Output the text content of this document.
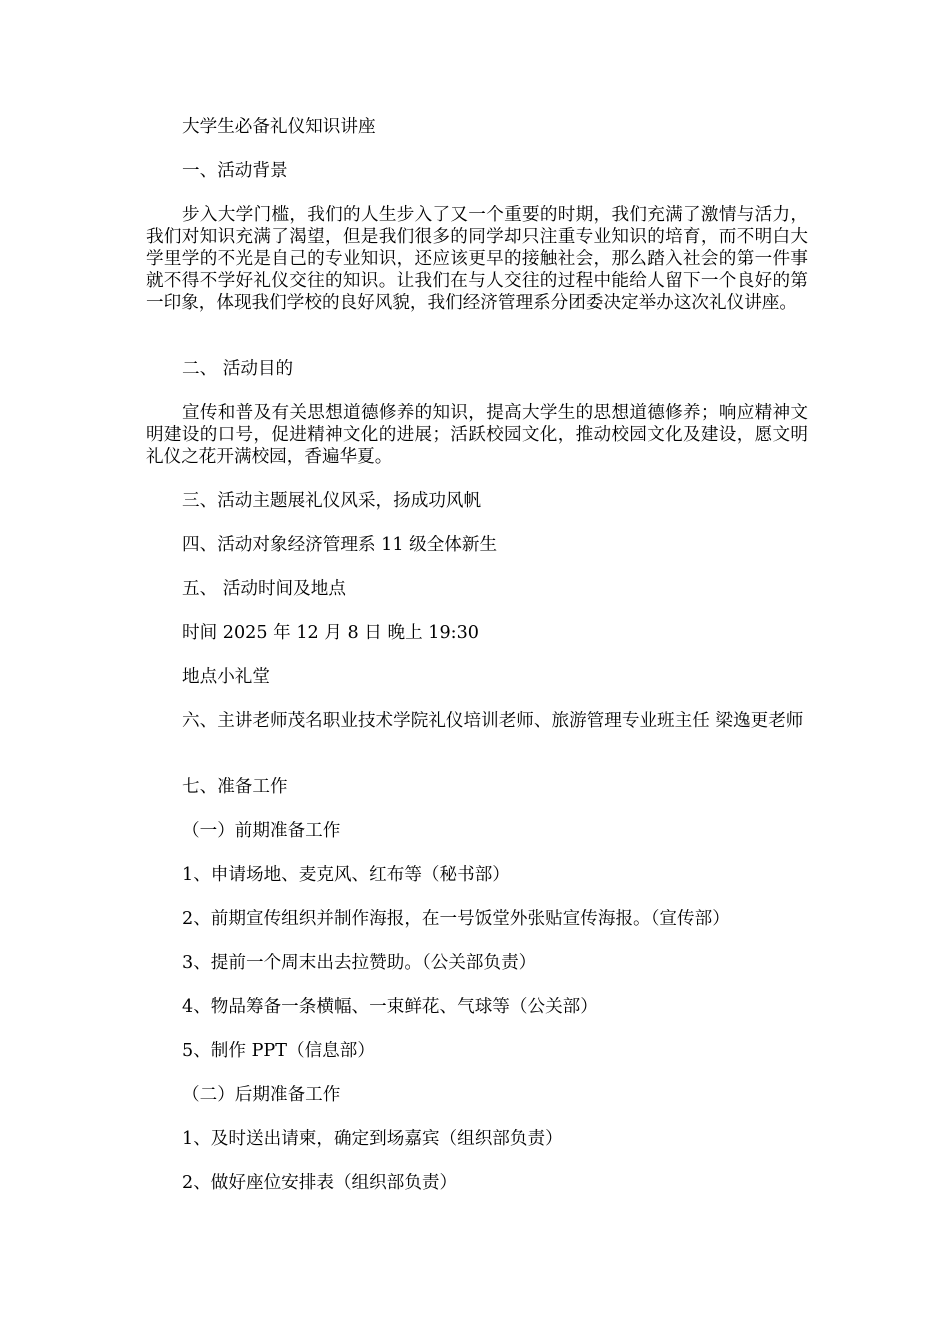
大学生必备礼仪知识讲座
一、活动背景
步入大学门槛，我们的人生步入了又一个重要的时期，我们充满了激情与活力，我们对知识充满了渴望，但是我们很多的同学却只注重专业知识的培育，而不明白大学里学的不光是自己的专业知识，还应该更早的接触社会，那么踏入社会的第一件事就不得不学好礼仪交往的知识。让我们在与人交往的过程中能给人留下一个良好的第一印象，体现我们学校的良好风貌，我们经济管理系分团委决定举办这次礼仪讲座。
二、 活动目的
宣传和普及有关思想道德修养的知识，提高大学生的思想道德修养；响应精神文明建设的口号，促进精神文化的进展；活跃校园文化，推动校园文化及建设，愿文明礼仪之花开满校园，香遍华夏。
三、活动主题展礼仪风采，扬成功风帆
四、活动对象经济管理系 11 级全体新生
五、 活动时间及地点
时间 2025 年 12 月 8 日 晚上 19:30
地点小礼堂
六、主讲老师茂名职业技术学院礼仪培训老师、旅游管理专业班主任 梁逸更老师
七、准备工作
（一）前期准备工作
1、申请场地、麦克风、红布等（秘书部）
2、前期宣传组织并制作海报，在一号饭堂外张贴宣传海报。（宣传部）
3、提前一个周末出去拉赞助。（公关部负责）
4、物品筹备一条横幅、一束鲜花、气球等（公关部）
5、制作 PPT（信息部）
（二）后期准备工作
1、及时送出请柬，确定到场嘉宾（组织部负责）
2、做好座位安排表（组织部负责）
